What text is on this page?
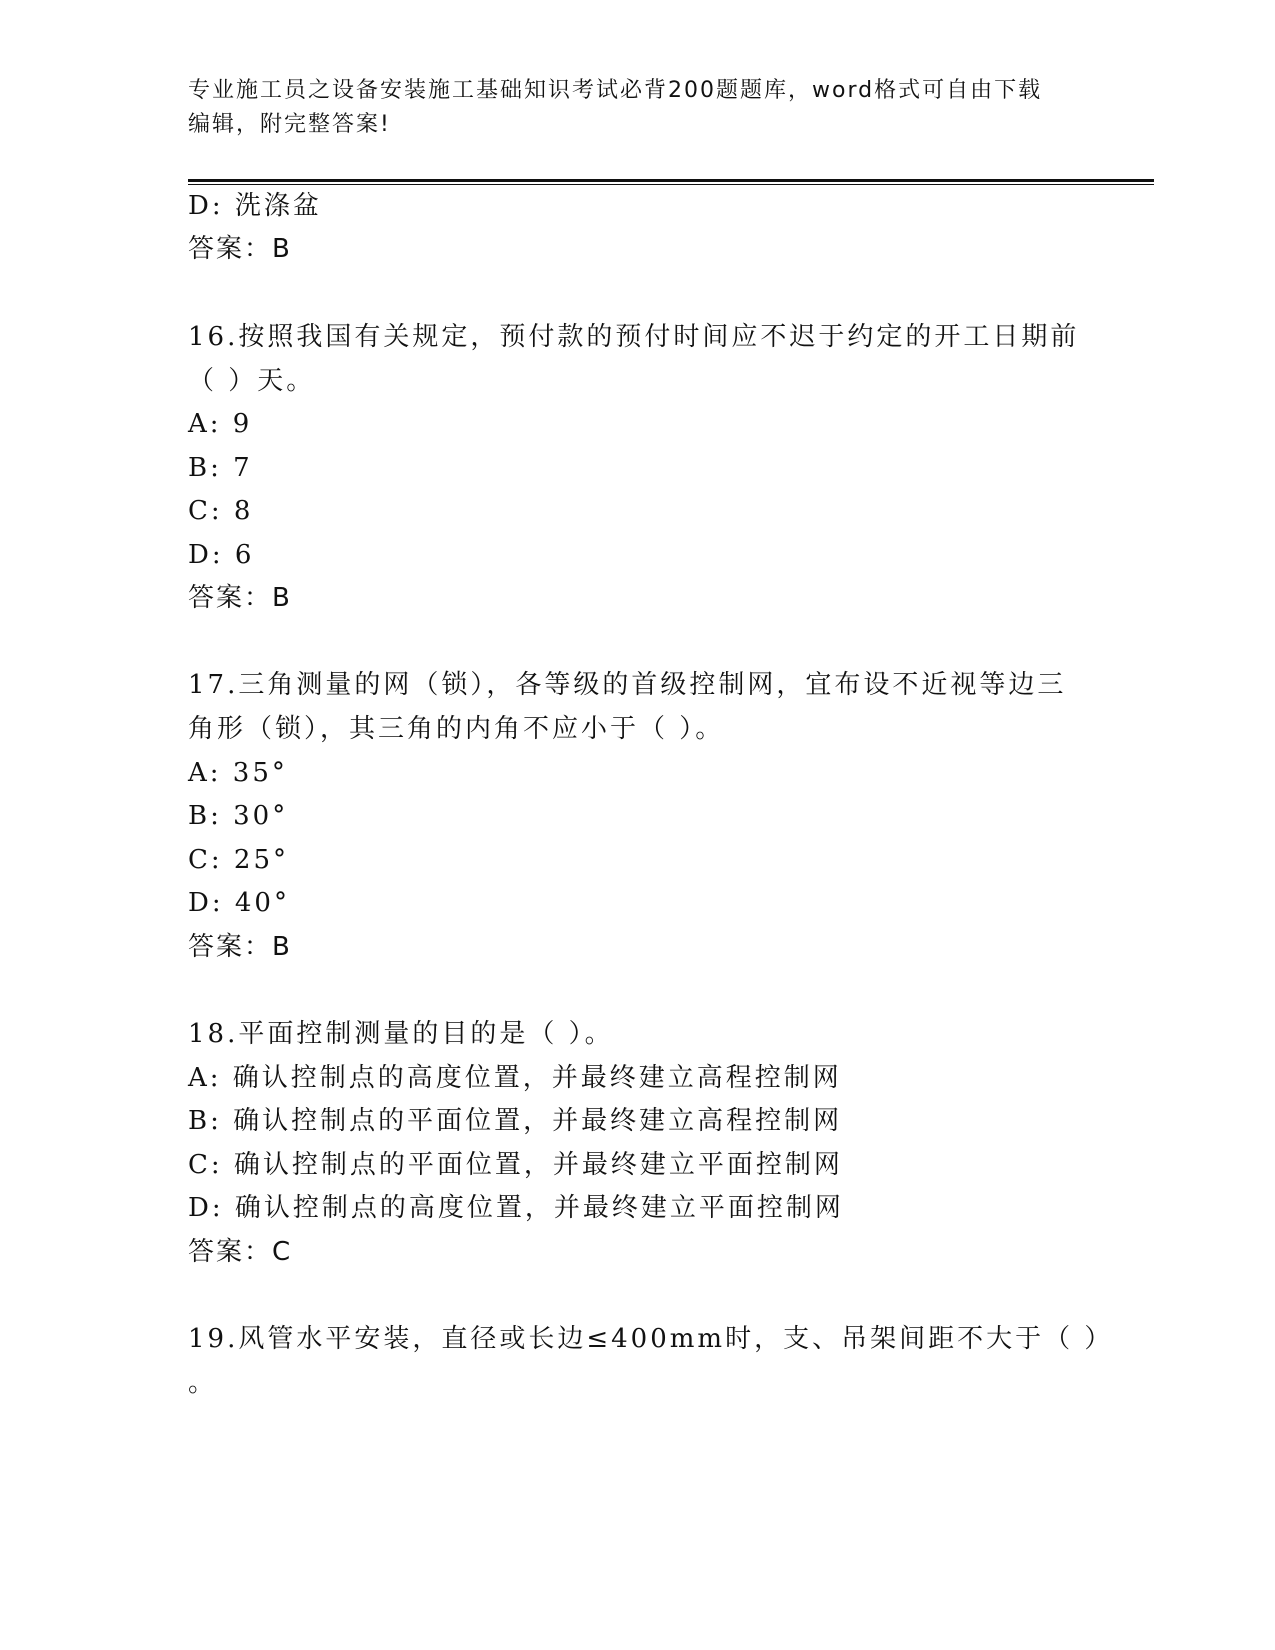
专业施工员之设备安装施工基础知识考试必背200题题库，word格式可自由下载
编辑，附完整答案!
D: 洗涤盆
答案：B
16.按照我国有关规定，预付款的预付时间应不迟于约定的开工日期前
（ ）天。
A: 9
B: 7
C: 8
D: 6
答案：B
17.三角测量的网（锁），各等级的首级控制网，宜布设不近视等边三
角形（锁），其三角的内角不应小于（ ）。
A: 35°
B: 30°
C: 25°
D: 40°
答案：B
18.平面控制测量的目的是（ ）。
A: 确认控制点的高度位置，并最终建立高程控制网
B: 确认控制点的平面位置，并最终建立高程控制网
C: 确认控制点的平面位置，并最终建立平面控制网
D: 确认控制点的高度位置，并最终建立平面控制网
答案：C
19.风管水平安装，直径或长边≤400mm时，支、吊架间距不大于（ ）
。
